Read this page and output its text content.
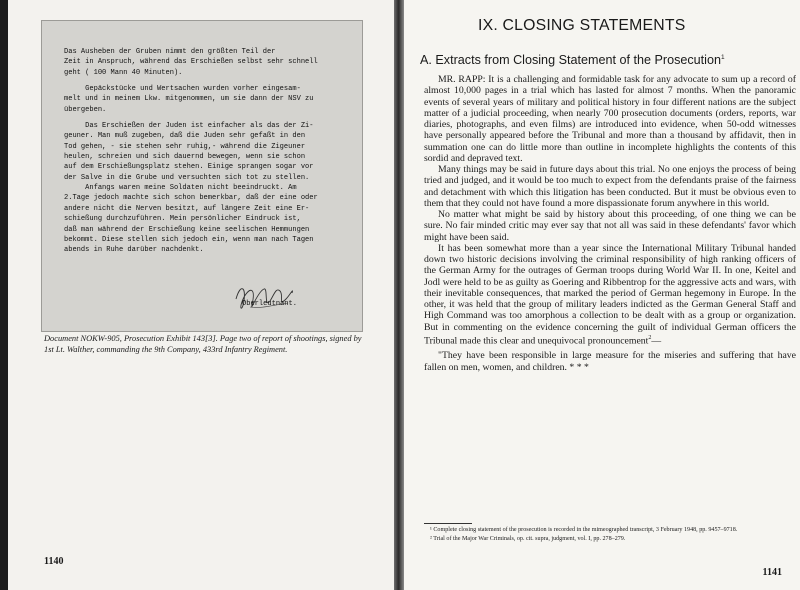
Das Ausheben der Gruben nimmt den größten Teil der

Zeit in Anspruch, während das Erschießen selbst sehr schnell

geht ( 100 Mann 40 Minuten).

Gepäckstücke und Wertsachen wurden vorher eingesam-

melt und in meinem Lkw. mitgenommen, um sie dann der NSV zu

übergeben.

Das Erschießen der Juden ist einfacher als das der Zi-

geuner. Man muß zugeben, daß die Juden sehr gefaßt in den

Tod gehen, - sie stehen sehr ruhig,- während die Zigeuner

heulen, schreien und sich dauernd bewegen, wenn sie schon

auf dem Erschießungsplatz stehen. Einige sprangen sogar vor

der Salve in die Grube und versuchten sich tot zu stellen.

Anfangs waren meine Soldaten nicht beeindruckt. Am

2.Tage jedoch machte sich schon bemerkbar, daß der eine oder

andere nicht die Nerven besitzt, auf längere Zeit eine Er-

schießung durchzuführen. Mein persönlicher Eindruck ist,

daß man während der Erschießung keine seelischen Hemmungen

bekommt. Diese stellen sich jedoch ein, wenn man nach Tagen

abends in Ruhe darüber nachdenkt.

Oberleutnant.
Document NOKW-905, Prosecution Exhibit 143[3]. Page two of report of shootings, signed by 1st Lt. Walther, commanding the 9th Company, 433rd Infantry Regiment.
1140
IX. CLOSING STATEMENTS
A. Extracts from Closing Statement of the Prosecution$^1$

MR. RAPP: It is a challenging and formidable task for any advocate to sum up a record of almost 10,000 pages in a trial which has lasted for almost 7 months. When the panoramic events of several years of military and political history in four different nations are the subject matter of a judicial proceeding, when nearly 700 prosecution documents (orders, reports, war diaries, photographs, and even films) are introduced into evidence, when 50-odd witnesses have personally appeared before the Tribunal and more than a thousand by affidavit, then in summation one can do little more than outline in incomplete highlights the contents of this sordid and depraved text.

Many things may be said in future days about this trial. No one enjoys the process of being tried and judged, and it would be too much to expect from the defendants praise of the fairness and detachment with which this litigation has been conducted. But it must be obvious even to them that they could not have found a more dispassionate forum anywhere in this world.

No matter what might be said by history about this proceeding, of one thing we can be sure. No fair minded critic may ever say that not all was said in these defendants' favor which might have been said.

It has been somewhat more than a year since the International Military Tribunal handed down two historic decisions involving the criminal responsibility of high ranking officers of the German Army for the outrages of German troops during World War II. In one, Keitel and Jodl were held to be as guilty as Goering and Ribbentrop for the aggressive acts and wars, with their inevitable consequences, that marked the period of German hegemony in Europe. In the other, it was held that the group of military leaders indicted as the German General Staff and High Command was too amorphous a collection to be dealt with as a group or organization. But in commenting on the evidence concerning the guilt of individual German officers the Tribunal made this clear and unequivocal pronouncement$^2$—

"They have been responsible in large measure for the miseries and suffering that have fallen on men, women, and children. * * *

¹ Complete closing statement of the prosecution is recorded in the mimeographed transcript, 3 February 1948, pp. 9457–9718.

² Trial of the Major War Criminals, op. cit. supra, judgment, vol. I, pp. 278–279.

1141
